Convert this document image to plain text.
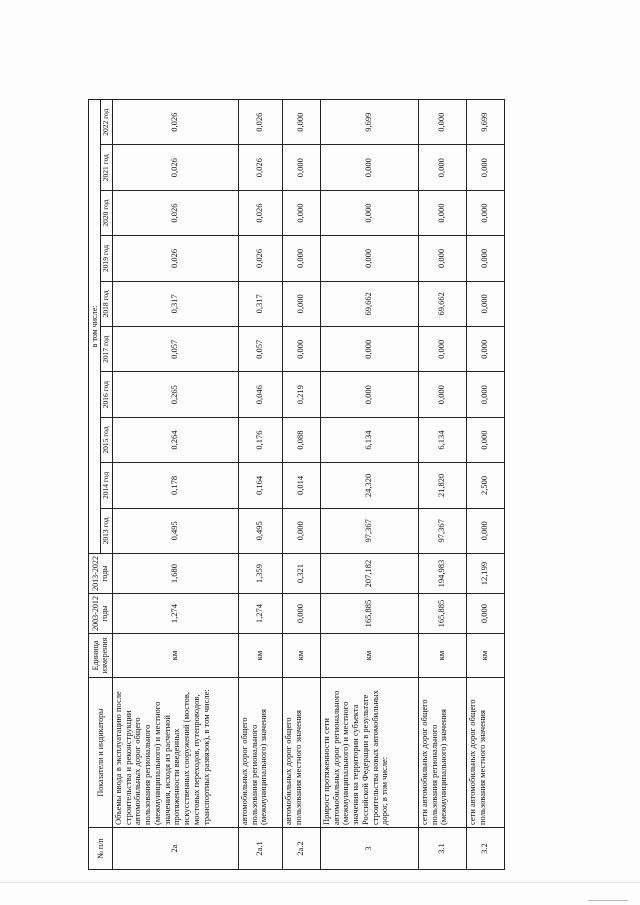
№ п/п	Показатели и индикаторы	Единица измерения	2003-2012 годы	2013-2022 годы	в том числе:									
					2013 год	2014 год	2015 год	2016 год	2017 год	2018 год	2019 год	2020 год	2021 год	2022 год
2а	Объемы ввода в эксплуатацию после строительства и реконструкции автомобильных дорог общего пользования регионального (межмуниципального) и местного значения, исходя из расчетной протяженности введенных искусственных сооружений (мостов, мостовых переходов, путепроводов, транспортных развязок), в том числе:	км	1,274	1,680	0,495	0,178	0,264	0,265	0,057	0,317	0,026	0,026	0,026	0,026
2а.1	автомобильных дорог общего пользования регионального (межмуниципального) значения	км	1,274	1,359	0,495	0,164	0,176	0,046	0,057	0,317	0,026	0,026	0,026	0,026
2а.2	автомобильных дорог общего пользования местного значения	км	0,000	0,321	0,000	0,014	0,088	0,219	0,000	0,000	0,000	0,000	0,000	0,000
3	Прирост протяженности сети автомобильных дорог регионального (межмуниципального) и местного значения на территории субъекта Российской Федерации в результате строительства новых автомобильных дорог, в том числе:	км	165,885	207,182	97,367	24,320	6,134	0,000	0,000	69,662	0,000	0,000	0,000	9,699
3.1	сети автомобильных дорог общего пользования регионального (межмуниципального) значения	км	165,885	194,983	97,367	21,820	6,134	0,000	0,000	69,662	0,000	0,000	0,000	0,000
3.2	сети автомобильных дорог общего пользования местного значения	км	0,000	12,199	0,000	2,500	0,000	0,000	0,000	0,000	0,000	0,000	0,000	9,699
